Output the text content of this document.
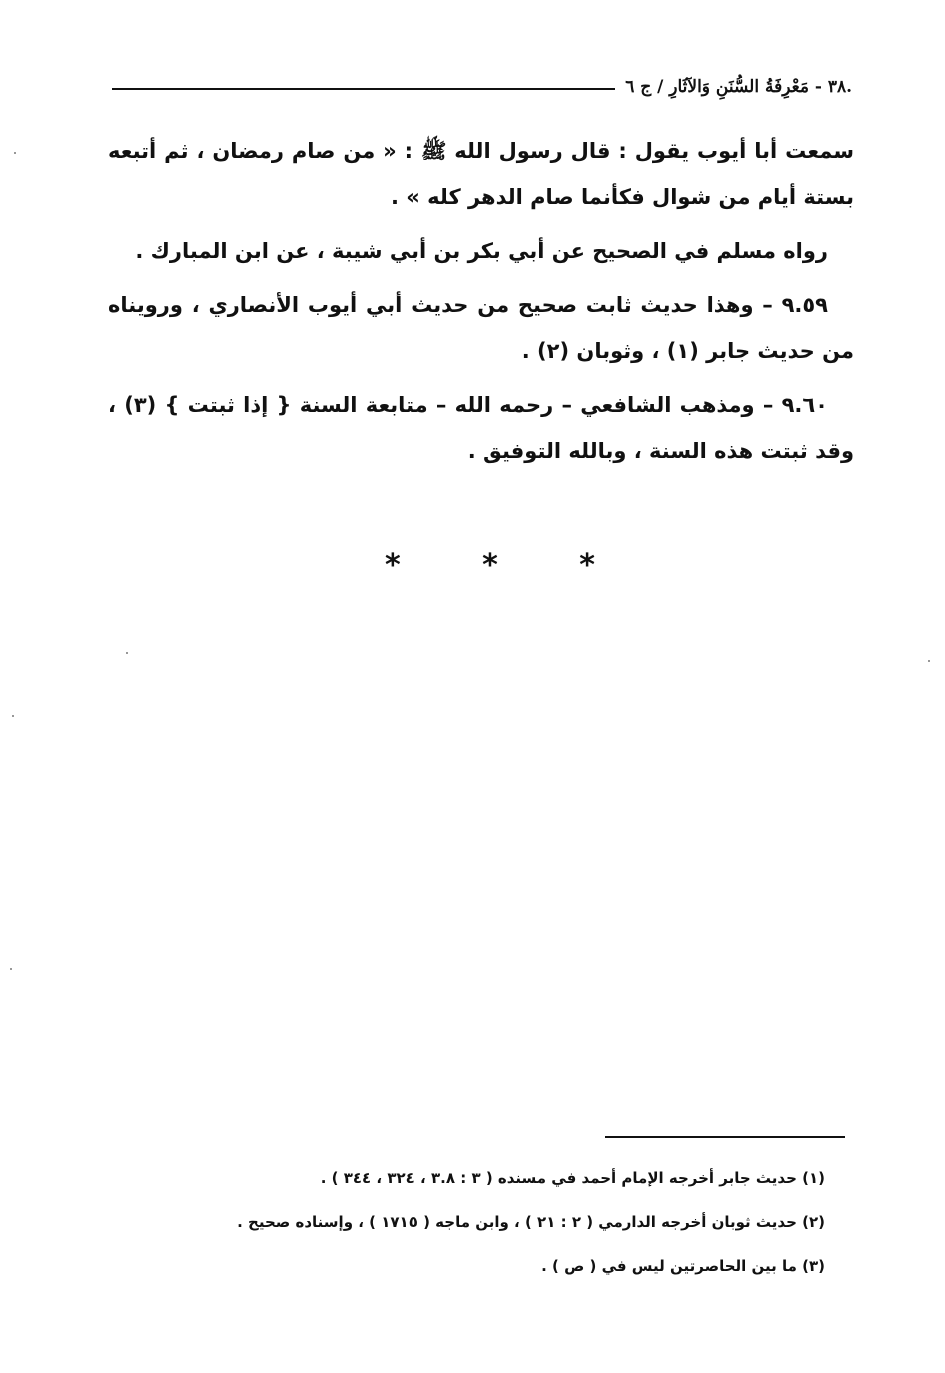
.٣٨ - مَعْرِفَةُ السُّنَنِ وَالآثَارِ / ج ٦

سمعت أبا أيوب يقول : قال رسول الله ﷺ : « من صام رمضان ، ثم أتبعه بستة أيام من شوال فكأنما صام الدهر كله » .

رواه مسلم في الصحيح عن أبي بكر بن أبي شيبة ، عن ابن المبارك .

٩.٥٩ – وهذا حديث ثابت صحيح من حديث أبي أيوب الأنصاري ، ورويناه من حديث جابر (١) ، وثوبان (٢) .

٩.٦٠ – ومذهب الشافعي – رحمه الله – متابعة السنة { إذا ثبتت } (٣) ، وقد ثبتت هذه السنة ، وبالله التوفيق .

*
*
*

(١) حديث جابر أخرجه الإمام أحمد في مسنده ( ٣ : ٣.٨ ، ٣٢٤ ، ٣٤٤ ) .

(٢) حديث ثوبان أخرجه الدارمي ( ٢ : ٢١ ) ، وابن ماجه ( ١٧١٥ ) ، وإسناده صحيح .

(٣) ما بين الحاصرتين ليس في ( ص ) .
